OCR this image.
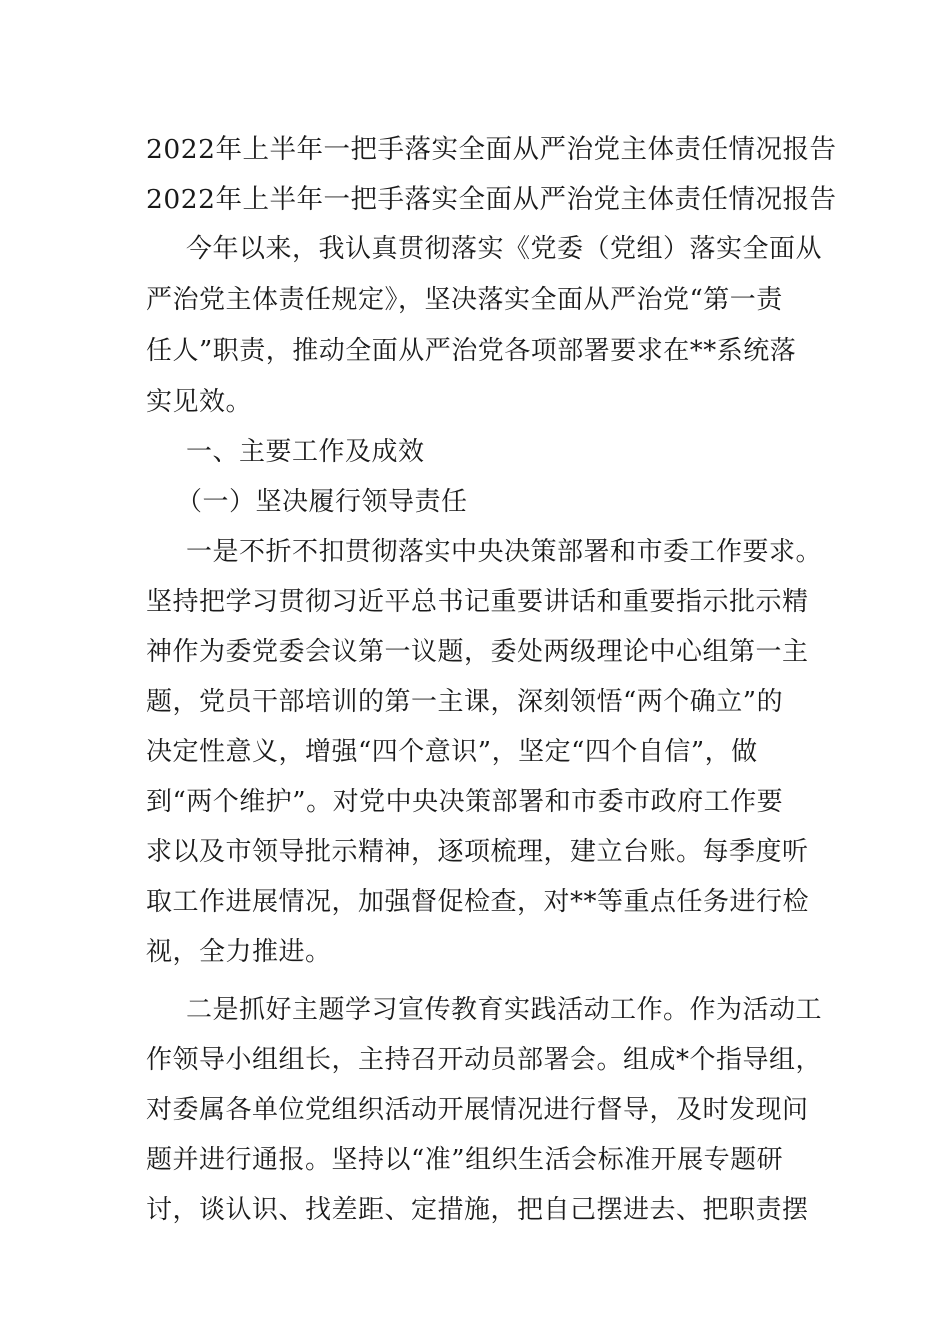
2022年上半年一把手落实全面从严治党主体责任情况报告
2022年上半年一把手落实全面从严治党主体责任情况报告
今年以来，我认真贯彻落实《党委（党组）落实全面从
严治党主体责任规定》，坚决落实全面从严治党“第一责
任人”职责，推动全面从严治党各项部署要求在**系统落
实见效。
一、主要工作及成效
（一）坚决履行领导责任
一是不折不扣贯彻落实中央决策部署和市委工作要求。
坚持把学习贯彻习近平总书记重要讲话和重要指示批示精
神作为委党委会议第一议题，委处两级理论中心组第一主
题，党员干部培训的第一主课，深刻领悟“两个确立”的
决定性意义，增强“四个意识”，坚定“四个自信”，做
到“两个维护”。对党中央决策部署和市委市政府工作要
求以及市领导批示精神，逐项梳理，建立台账。每季度听
取工作进展情况，加强督促检查，对**等重点任务进行检
视，全力推进。
二是抓好主题学习宣传教育实践活动工作。作为活动工
作领导小组组长，主持召开动员部署会。组成*个指导组，
对委属各单位党组织活动开展情况进行督导，及时发现问
题并进行通报。坚持以“准”组织生活会标准开展专题研
讨，谈认识、找差距、定措施，把自己摆进去、把职责摆
